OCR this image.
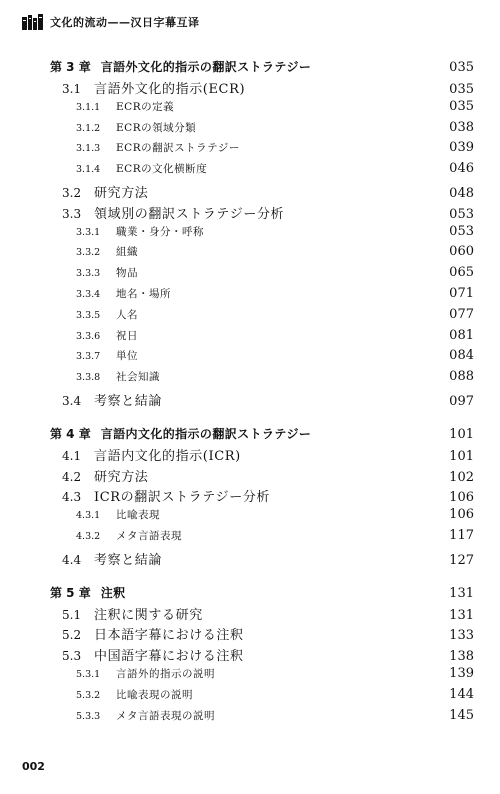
文化的流动——汉日字幕互译
第 3 章 言語外文化的指示の翻訳ストラテジー	035
3.1 言語外文化的指示(ECR)	035
3.1.1	ECRの定義	035
3.1.2	ECRの領域分類	038
3.1.3	ECRの翻訳ストラテジー	039
3.1.4	ECRの文化横断度	046
3.2 研究方法	048
3.3 領域別の翻訳ストラテジー分析	053
3.3.1	職業・身分・呼称	053
3.3.2	組織	060
3.3.3	物品	065
3.3.4	地名・場所	071
3.3.5	人名	077
3.3.6	祝日	081
3.3.7	単位	084
3.3.8	社会知識	088
3.4 考察と結論	097
第 4 章 言語内文化的指示の翻訳ストラテジー	101
4.1 言語内文化的指示(ICR)	101
4.2 研究方法	102
4.3 ICRの翻訳ストラテジー分析	106
4.3.1	比喩表現	106
4.3.2	メタ言語表現	117
4.4 考察と結論	127
第 5 章 注釈	131
5.1 注釈に関する研究	131
5.2 日本語字幕における注釈	133
5.3 中国語字幕における注釈	138
5.3.1	言語外的指示の説明	139
5.3.2	比喩表現の説明	144
5.3.3	メタ言語表現の説明	145
002
